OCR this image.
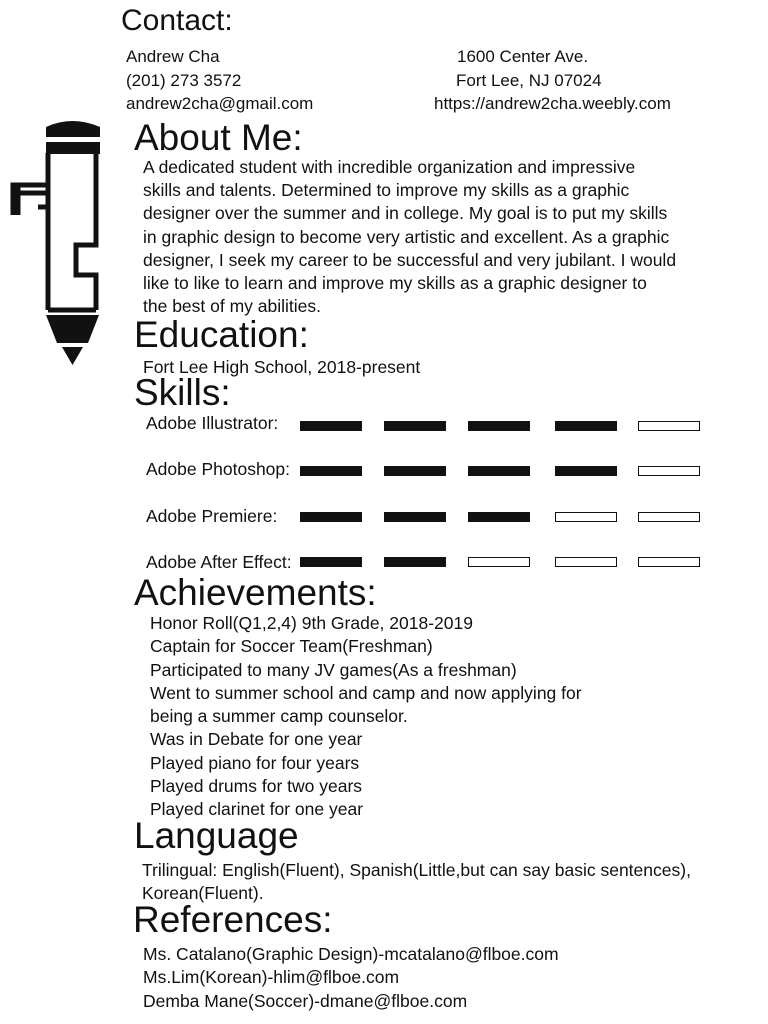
Contact:
Andrew Cha
(201) 273 3572
andrew2cha@gmail.com
1600 Center Ave.
Fort Lee, NJ 07024
https://andrew2cha.weebly.com
About Me:
A dedicated student with incredible organization and impressive
skills and talents. Determined to improve my skills as a graphic
designer over the summer and in college. My goal is to put my skills
in graphic design to become very artistic and excellent. As a graphic
designer, I seek my career to be successful and very jubilant. I would
like to like to learn and improve my skills as a graphic designer to
the best of my abilities.
Education:
Fort Lee High School, 2018-present
Skills:
Adobe Illustrator:
Adobe Photoshop:
Adobe Premiere:
Adobe After Effect:
Achievements:
Honor Roll(Q1,2,4) 9th Grade, 2018-2019
Captain for Soccer Team(Freshman)
Participated to many JV games(As a freshman)
Went to summer school and camp and now applying for
being a summer camp counselor.
Was in Debate for one year
Played piano for four years
Played drums for two years
Played clarinet for one year
Language
Trilingual: English(Fluent), Spanish(Little,but can say basic sentences),
Korean(Fluent).
References:
Ms. Catalano(Graphic Design)-mcatalano@flboe.com
Ms.Lim(Korean)-hlim@flboe.com
Demba Mane(Soccer)-dmane@flboe.com
